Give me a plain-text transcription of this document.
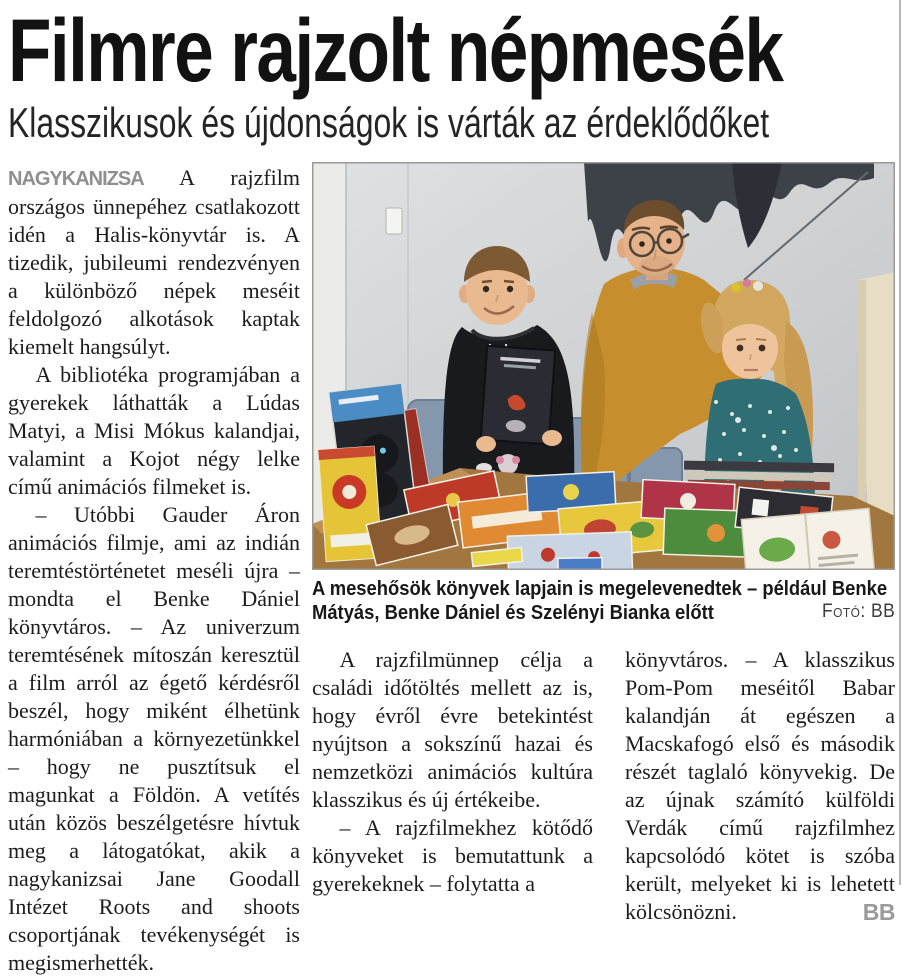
Filmre rajzolt népmesék
Klasszikusok és újdonságok is várták az érdeklődőket

NAGYKANIZSA A rajzfilm országos ünnepéhez csatlakozott idén a Halis-könyvtár is. A tizedik, jubileumi rendezvényen a különböző népek meséit feldolgozó alkotások kaptak kiemelt hangsúlyt.

A bibliotéka programjában a gyerekek láthatták a Lúdas Matyi, a Misi Mókus kalandjai, valamint a Kojot négy lelke című animációs filmeket is.

– Utóbbi Gauder Áron animációs filmje, ami az indián teremtéstörténetet meséli újra – mondta el Benke Dániel könyvtáros. – Az univerzum teremtésének mítoszán keresztül a film arról az égető kérdésről beszél, hogy miként élhetünk harmóniában a környezetünkkel – hogy ne pusztítsuk el magunkat a Földön. A vetítés után közös beszélgetésre hívtuk meg a látogatókat, akik a nagykanizsai Jane Goodall Intézet Roots and shoots csoportjának tevékenységét is megismerhették.

Fotó: BB
A mesehősök könyvek lapjain is megelevenedtek – például Benke Mátyás, Benke Dániel és Szelényi Bianka előtt

A rajzfilmünnep célja a családi időtöltés mellett az is, hogy évről évre betekintést nyújtson a sokszínű hazai és nemzetközi animációs kultúra klasszikus és új értékeibe.

– A rajzfilmekhez kötődő könyveket is bemutattunk a gyerekeknek – folytatta a

könyvtáros. – A klasszikus Pom-Pom meséitől Babar kalandján át egészen a Macskafogó első és második részét taglaló könyvekig. De az újnak számító külföldi Verdák című rajzfilmhez kapcsolódó kötet is szóba került, melyeket ki is lehetett kölcsönözni.	BB
